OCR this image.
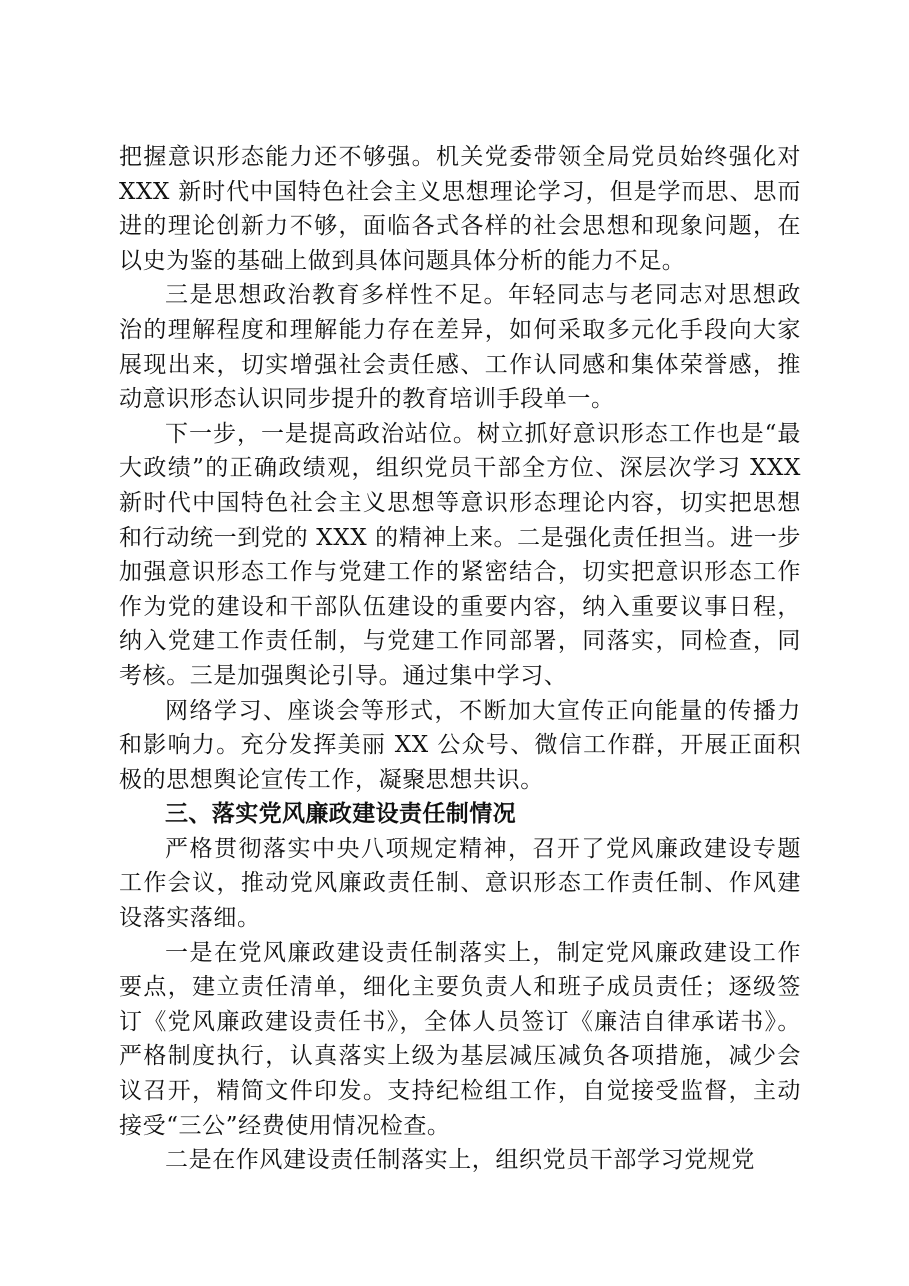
把握意识形态能力还不够强。机关党委带领全局党员始终强化对 XXX 新时代中国特色社会主义思想理论学习，但是学而思、思而进的理论创新力不够，面临各式各样的社会思想和现象问题，在以史为鉴的基础上做到具体问题具体分析的能力不足。

三是思想政治教育多样性不足。年轻同志与老同志对思想政治的理解程度和理解能力存在差异，如何采取多元化手段向大家展现出来，切实增强社会责任感、工作认同感和集体荣誉感，推动意识形态认识同步提升的教育培训手段单一。

下一步，一是提高政治站位。树立抓好意识形态工作也是“最大政绩”的正确政绩观，组织党员干部全方位、深层次学习 XXX 新时代中国特色社会主义思想等意识形态理论内容，切实把思想和行动统一到党的 XXX 的精神上来。二是强化责任担当。进一步加强意识形态工作与党建工作的紧密结合，切实把意识形态工作作为党的建设和干部队伍建设的重要内容，纳入重要议事日程，纳入党建工作责任制，与党建工作同部署，同落实，同检查，同考核。三是加强舆论引导。通过集中学习、

网络学习、座谈会等形式，不断加大宣传正向能量的传播力和影响力。充分发挥美丽 XX 公众号、微信工作群，开展正面积极的思想舆论宣传工作，凝聚思想共识。

三、落实党风廉政建设责任制情况

严格贯彻落实中央八项规定精神，召开了党风廉政建设专题工作会议，推动党风廉政责任制、意识形态工作责任制、作风建设落实落细。

一是在党风廉政建设责任制落实上，制定党风廉政建设工作要点，建立责任清单，细化主要负责人和班子成员责任；逐级签订《党风廉政建设责任书》，全体人员签订《廉洁自律承诺书》。严格制度执行，认真落实上级为基层减压减负各项措施，减少会议召开，精简文件印发。支持纪检组工作，自觉接受监督，主动接受“三公”经费使用情况检查。

二是在作风建设责任制落实上，组织党员干部学习党规党
